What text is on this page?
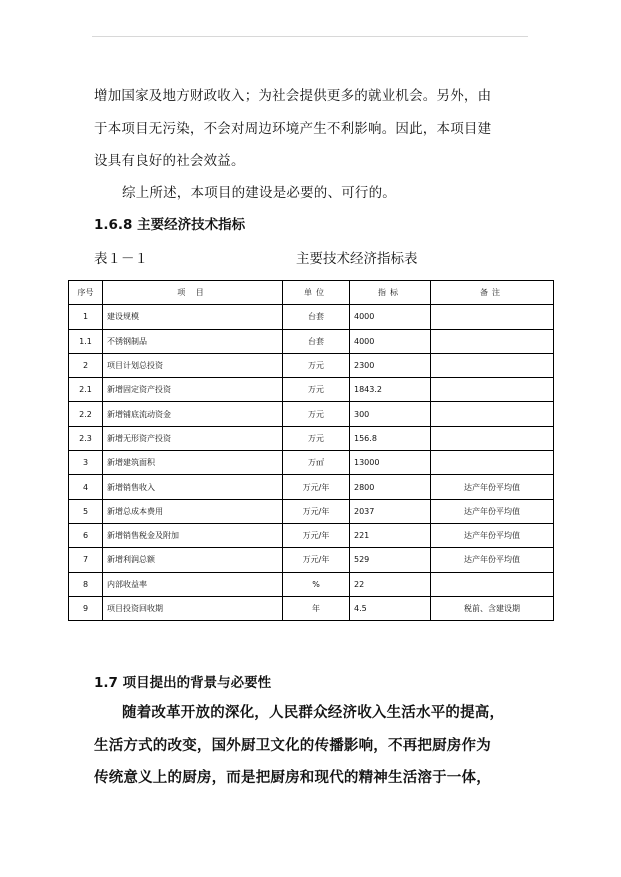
增加国家及地方财政收入；为社会提供更多的就业机会。另外，由
于本项目无污染，不会对周边环境产生不利影响。因此，本项目建
设具有良好的社会效益。
综上所述，本项目的建设是必要的、可行的。
1.6.8 主要经济技术指标
表１－１	主要技术经济指标表
序号	项 目	单位	指标	备注
1	建设规模	台套	4000	
1.1	不锈钢制品	台套	4000	
2	项目计划总投资	万元	2300	
2.1	新增固定资产投资	万元	1843.2	
2.2	新增铺底流动资金	万元	300	
2.3	新增无形资产投资	万元	156.8	
3	新增建筑面积	万㎡	13000	
4	新增销售收入	万元/年	2800	达产年份平均值
5	新增总成本费用	万元/年	2037	达产年份平均值
6	新增销售税金及附加	万元/年	221	达产年份平均值
7	新增利润总额	万元/年	529	达产年份平均值
8	内部收益率	%	22	
9	项目投资回收期	年	4.5	税前、含建设期
1.7 项目提出的背景与必要性
随着改革开放的深化，人民群众经济收入生活水平的提高，
生活方式的改变，国外厨卫文化的传播影响，不再把厨房作为
传统意义上的厨房，而是把厨房和现代的精神生活溶于一体，
